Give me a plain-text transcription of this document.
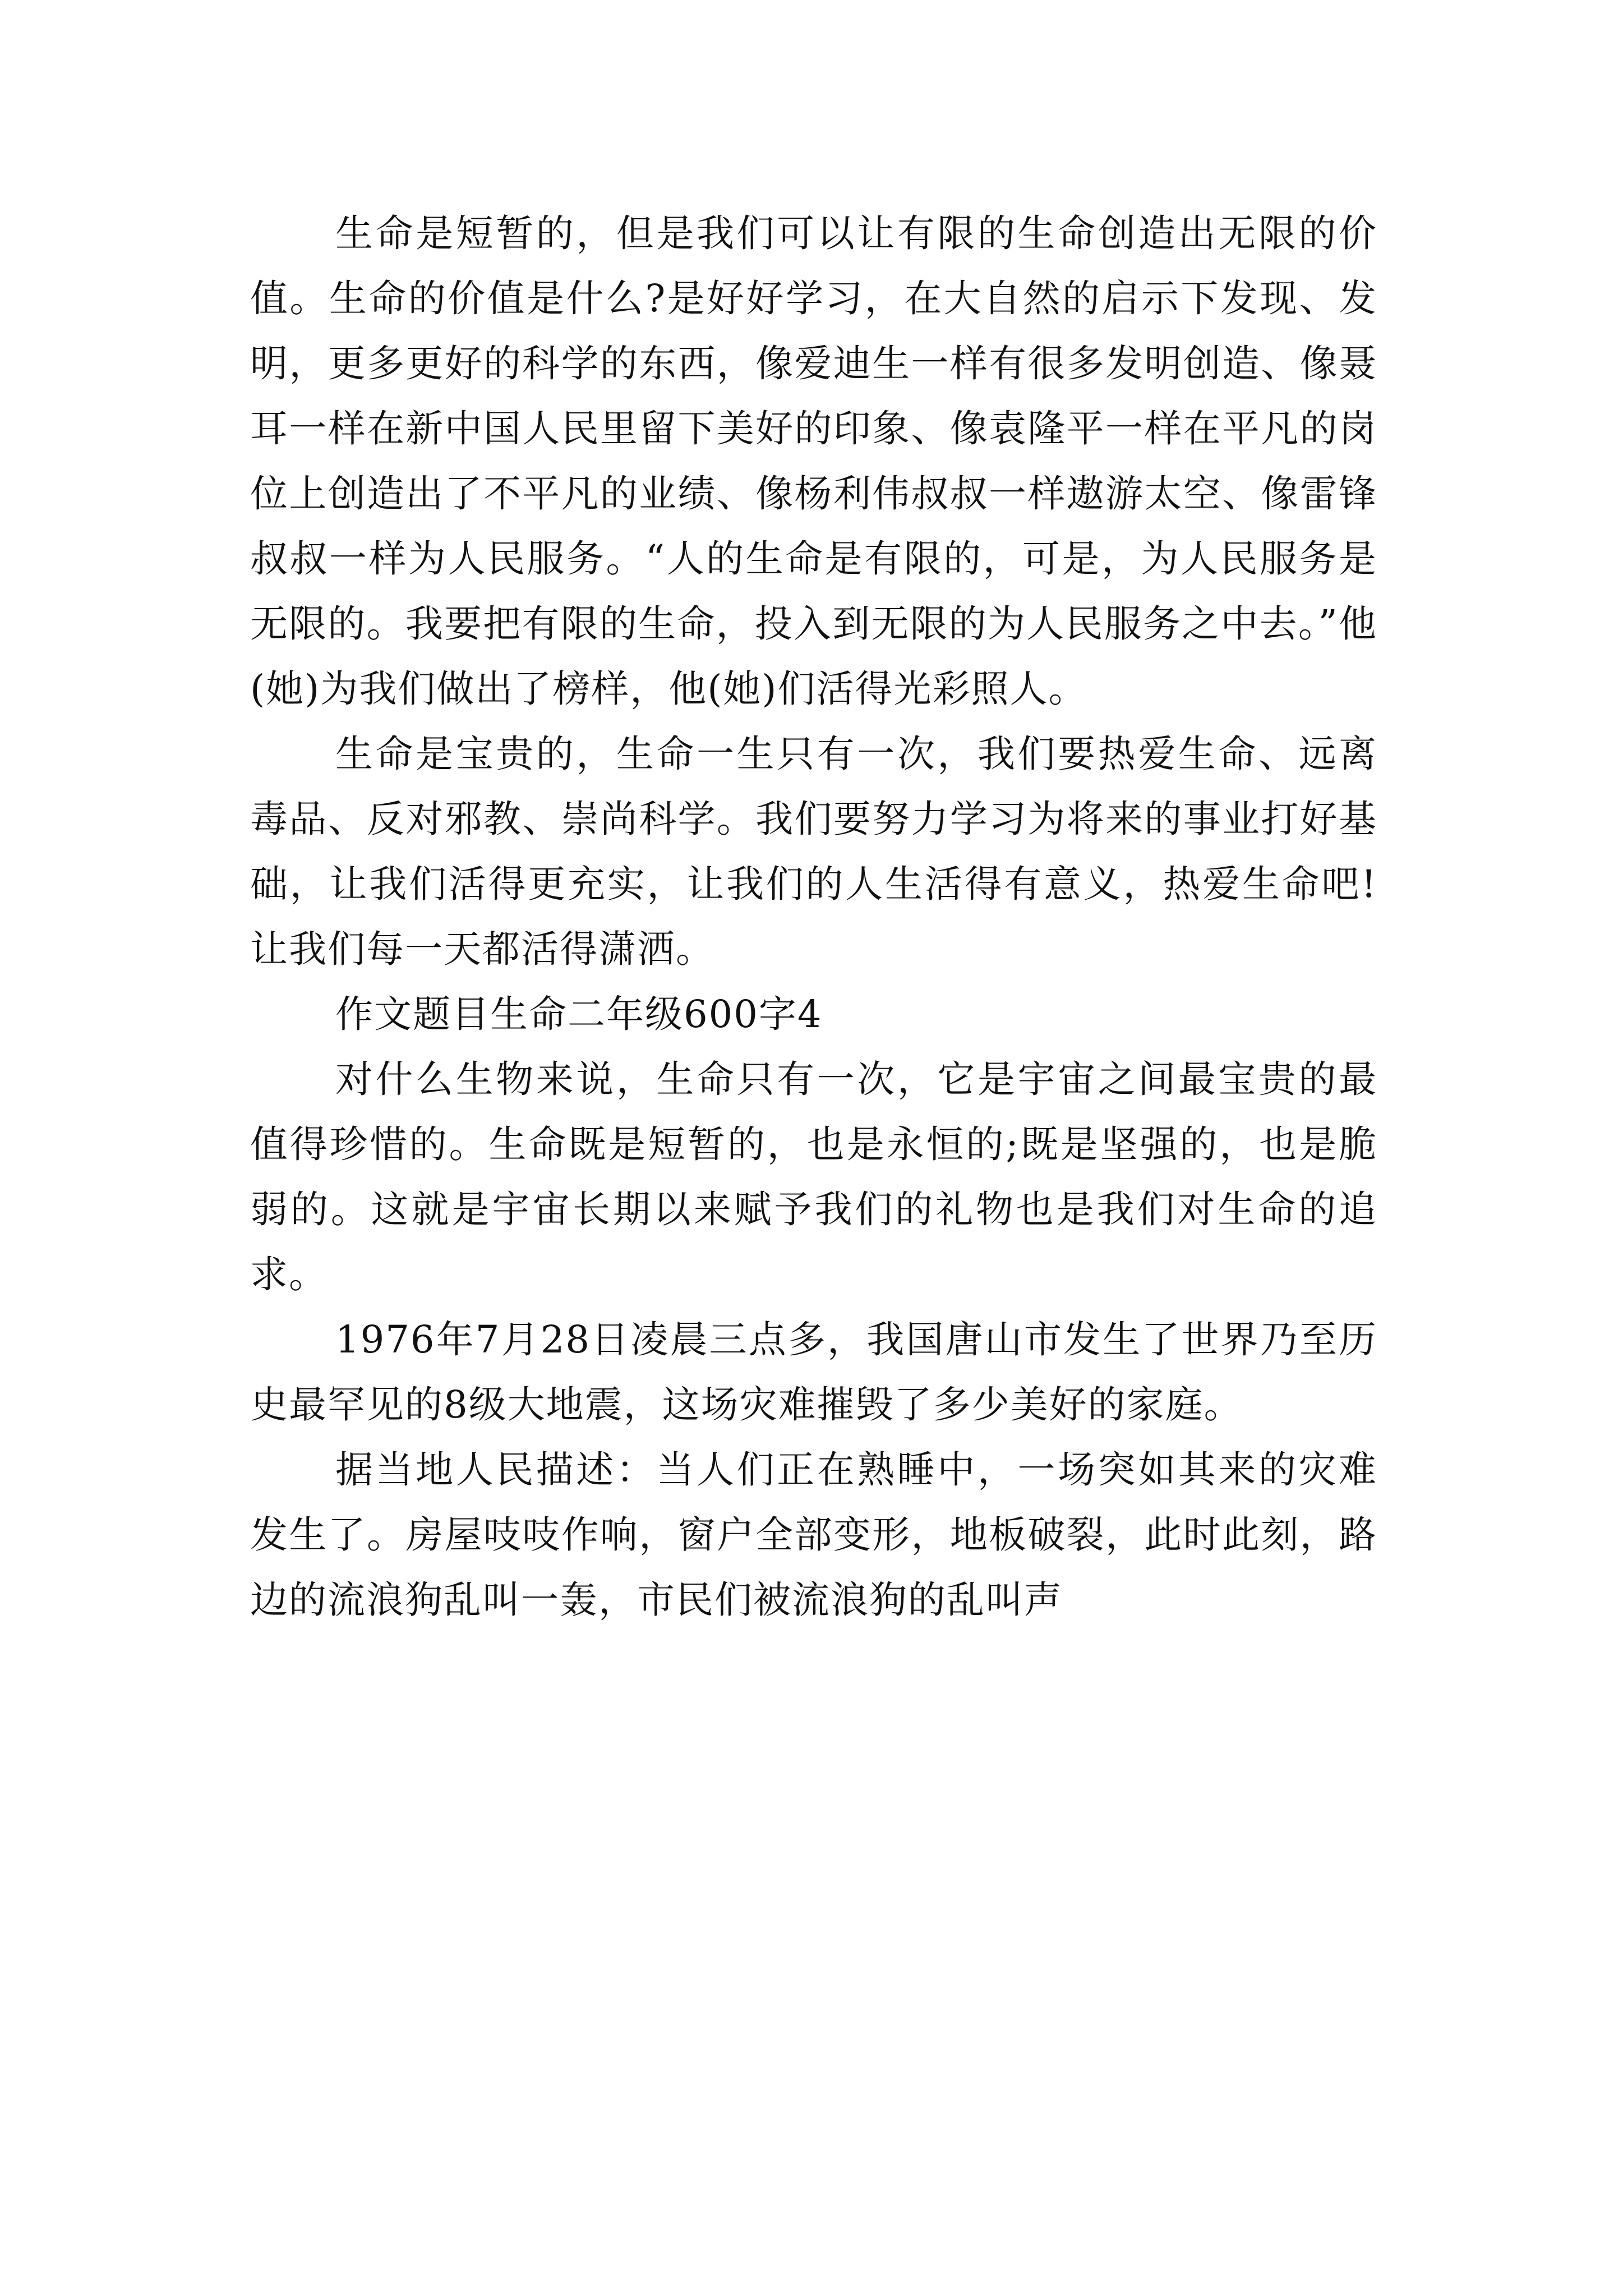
生命是短暂的，但是我们可以让有限的生命创造出无限的价值。生命的价值是什么?是好好学习，在大自然的启示下发现、发明，更多更好的科学的东西，像爱迪生一样有很多发明创造、像聂耳一样在新中国人民里留下美好的印象、像袁隆平一样在平凡的岗位上创造出了不平凡的业绩、像杨利伟叔叔一样遨游太空、像雷锋叔叔一样为人民服务。“人的生命是有限的，可是，为人民服务是无限的。我要把有限的生命，投入到无限的为人民服务之中去。”他(她)为我们做出了榜样，他(她)们活得光彩照人。

生命是宝贵的，生命一生只有一次，我们要热爱生命、远离毒品、反对邪教、崇尚科学。我们要努力学习为将来的事业打好基础，让我们活得更充实，让我们的人生活得有意义，热爱生命吧!让我们每一天都活得潇洒。

作文题目生命二年级600字4

对什么生物来说，生命只有一次，它是宇宙之间最宝贵的最值得珍惜的。生命既是短暂的，也是永恒的;既是坚强的，也是脆弱的。这就是宇宙长期以来赋予我们的礼物也是我们对生命的追求。

1976年7月28日凌晨三点多，我国唐山市发生了世界乃至历史最罕见的8级大地震，这场灾难摧毁了多少美好的家庭。

据当地人民描述：当人们正在熟睡中，一场突如其来的灾难发生了。房屋吱吱作响，窗户全部变形，地板破裂，此时此刻，路边的流浪狗乱叫一轰，市民们被流浪狗的乱叫声
